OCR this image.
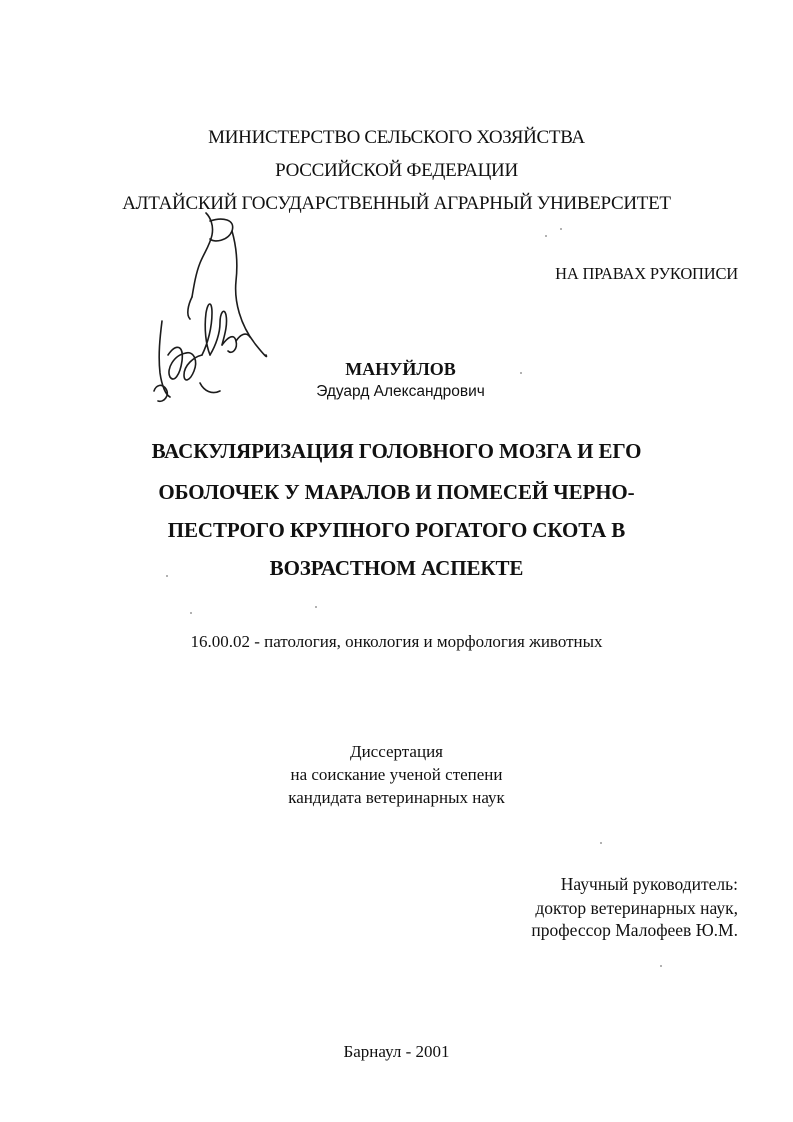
МИНИСТЕРСТВО СЕЛЬСКОГО ХОЗЯЙСТВА
РОССИЙСКОЙ ФЕДЕРАЦИИ
АЛТАЙСКИЙ ГОСУДАРСТВЕННЫЙ АГРАРНЫЙ УНИВЕРСИТЕТ
НА ПРАВАХ РУКОПИСИ
МАНУЙЛОВ
Эдуард Александрович
ВАСКУЛЯРИЗАЦИЯ ГОЛОВНОГО МОЗГА И ЕГО
ОБОЛОЧЕК У МАРАЛОВ И ПОМЕСЕЙ ЧЕРНО-
ПЕСТРОГО КРУПНОГО РОГАТОГО СКОТА В
ВОЗРАСТНОМ АСПЕКТЕ
16.00.02 - патология, онкология и морфология животных
Диссертация
на соискание ученой степени
кандидата ветеринарных наук
Научный руководитель:
доктор ветеринарных наук,
профессор Малофеев Ю.М.
Барнаул - 2001
